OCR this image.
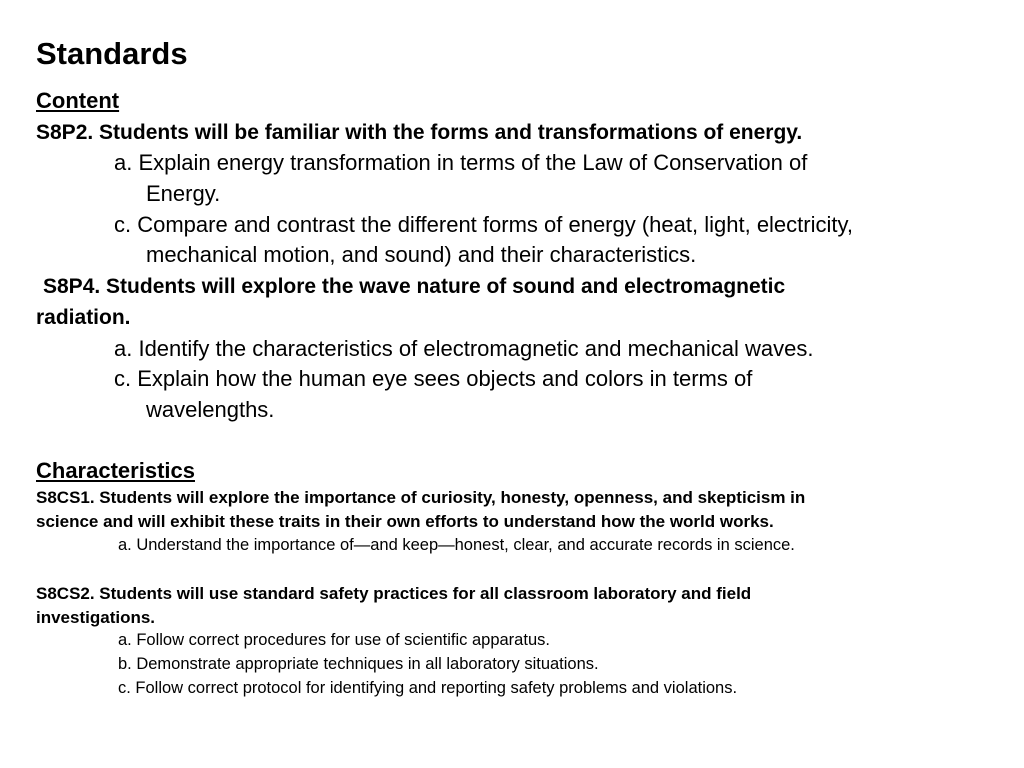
Standards
Content
S8P2. Students will be familiar with the forms and transformations of energy.
a. Explain energy transformation in terms of the Law of Conservation of
Energy.
c. Compare and contrast the different forms of energy (heat, light, electricity,
mechanical motion, and sound) and their characteristics.
S8P4. Students will explore the wave nature of sound and electromagnetic
radiation.
a. Identify the characteristics of electromagnetic and mechanical waves.
c. Explain how the human eye sees objects and colors in terms of
wavelengths.
Characteristics
S8CS1. Students will explore the importance of curiosity, honesty, openness, and skepticism in
science and will exhibit these traits in their own efforts to understand how the world works.
a. Understand the importance of—and keep—honest, clear, and accurate records in science.
S8CS2. Students will use standard safety practices for all classroom laboratory and field
investigations.
a. Follow correct procedures for use of scientific apparatus.
b. Demonstrate appropriate techniques in all laboratory situations.
c. Follow correct protocol for identifying and reporting safety problems and violations.
